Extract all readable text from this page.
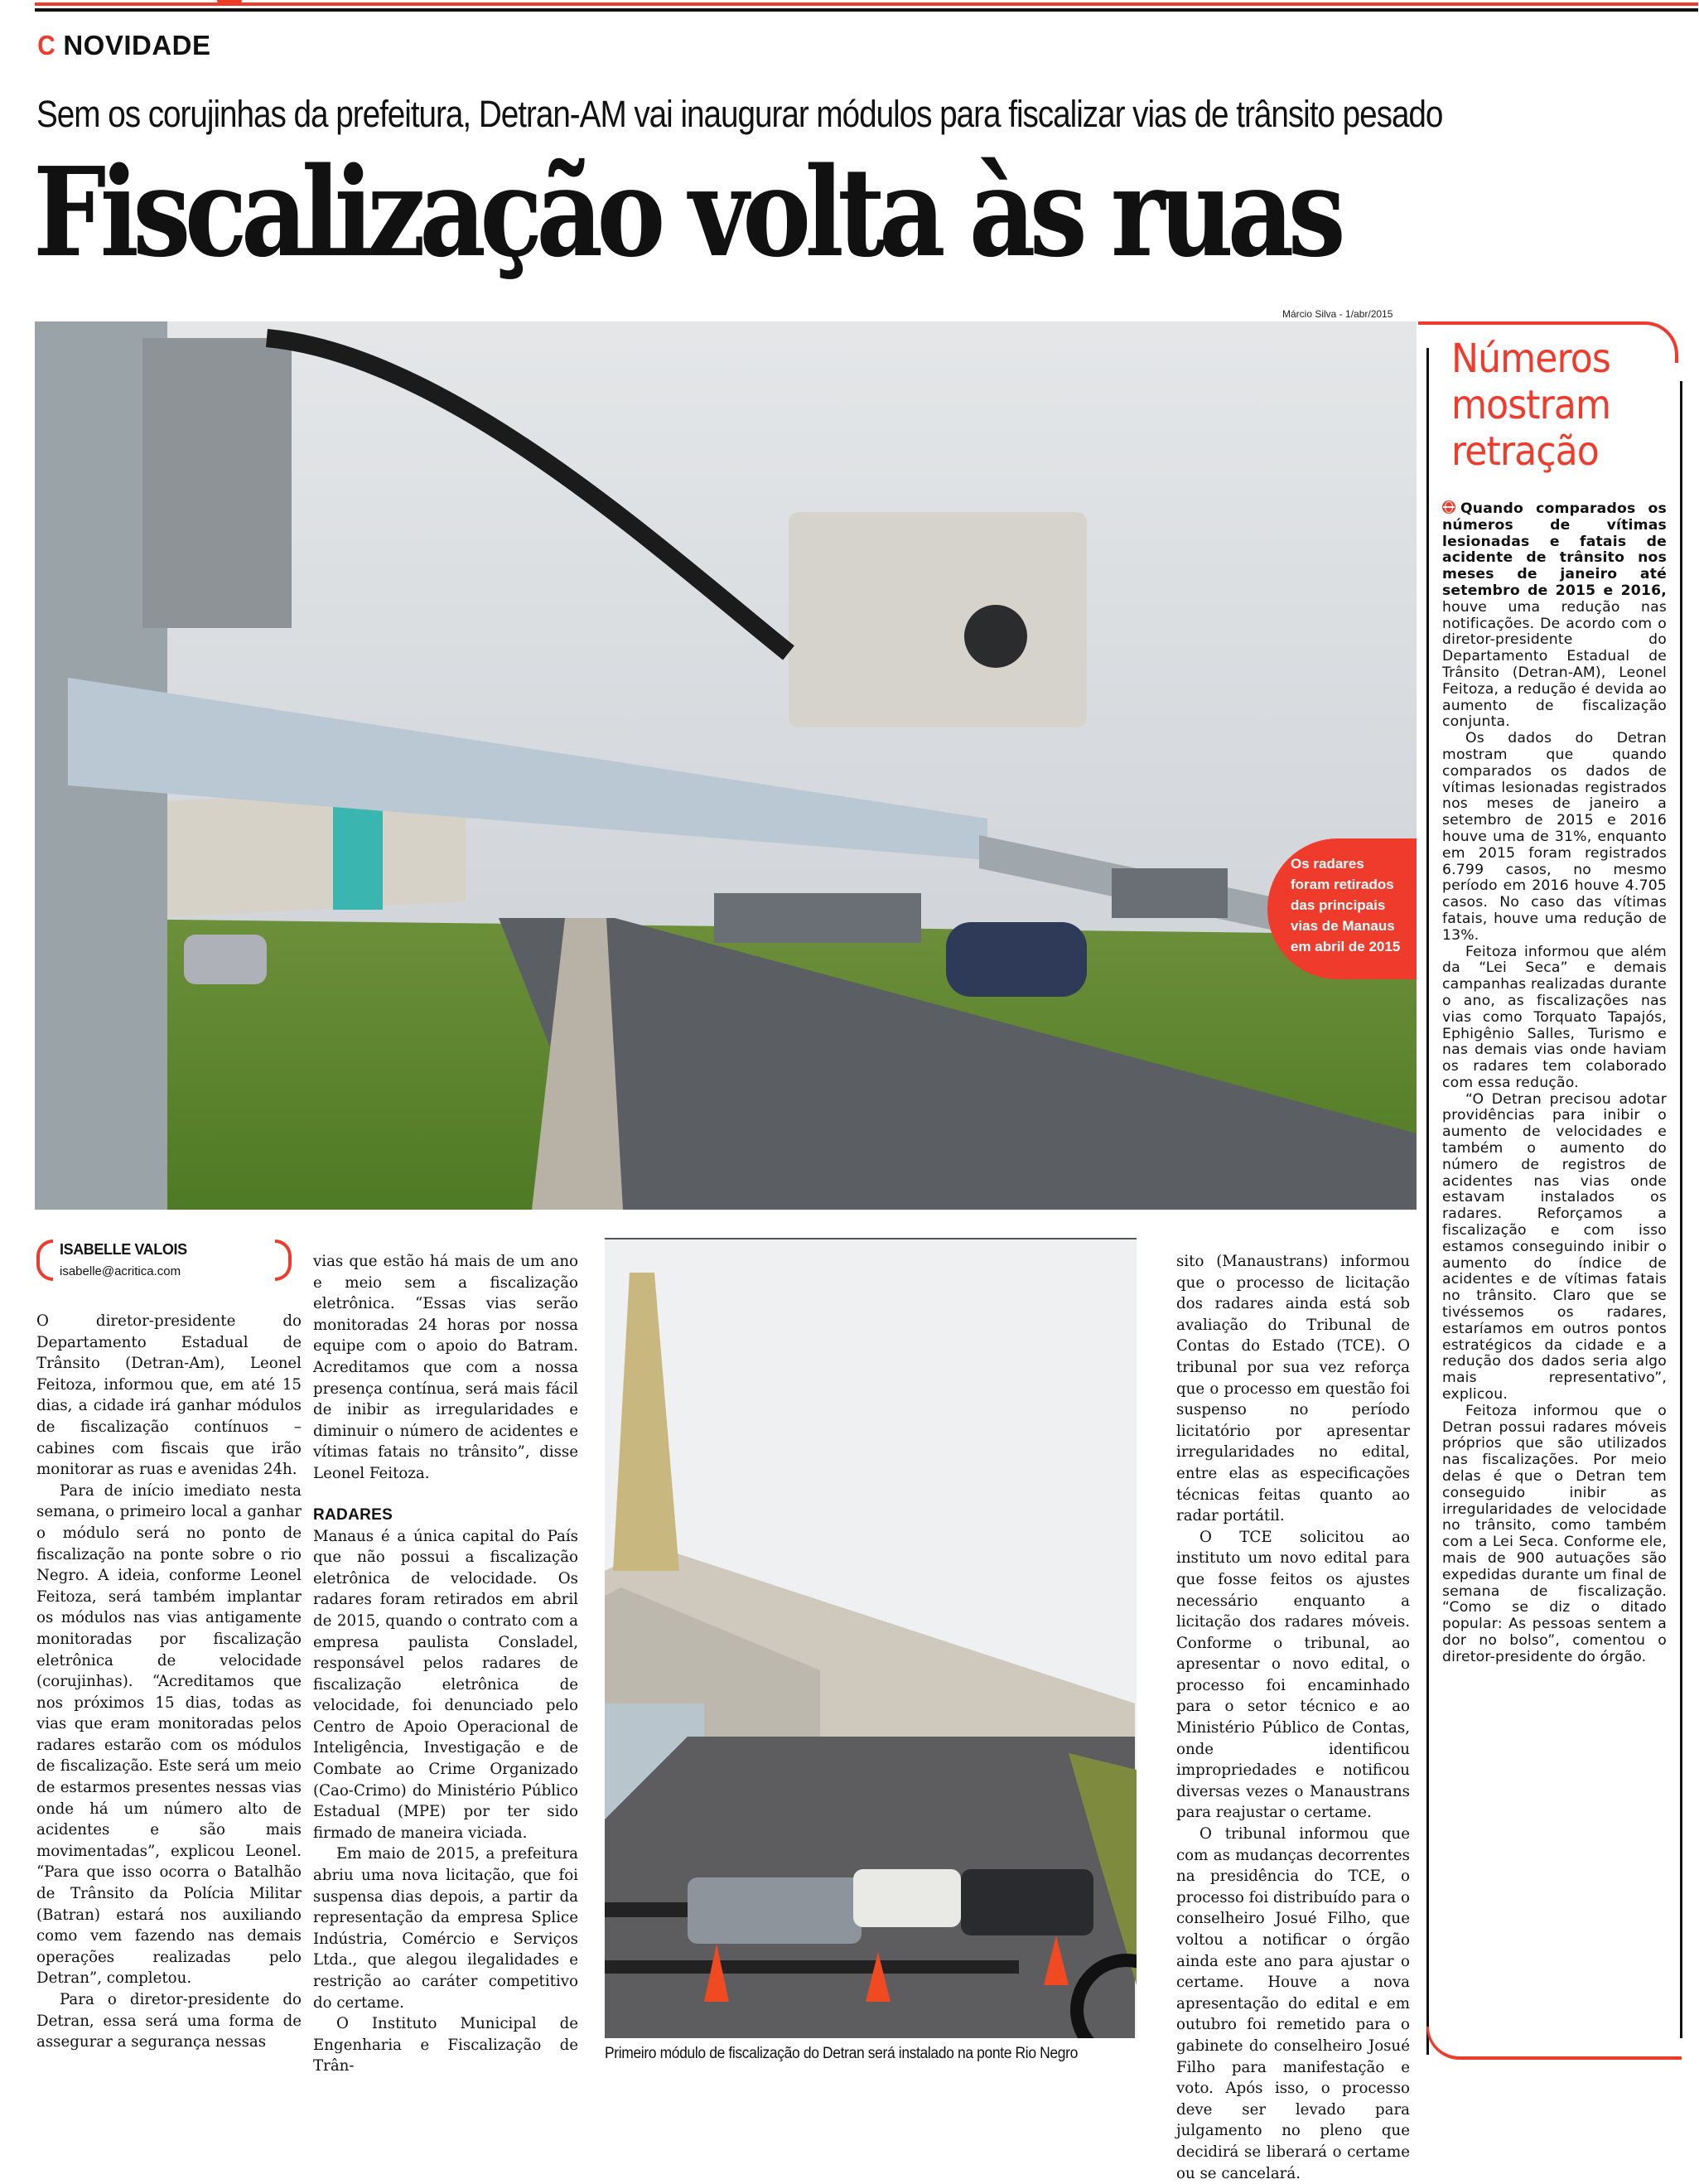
C NOVIDADE
Sem os corujinhas da prefeitura, Detran-AM vai inaugurar módulos para fiscalizar vias de trânsito pesado
Fiscalização volta às ruas
Márcio Silva - 1/abr/2015
Os radares
foram retirados
das principais
vias de Manaus
em abril de 2015
Números
mostram
retração

Quando comparados os números de vítimas lesionadas e fatais de acidente de trânsito nos meses de janeiro até setembro de 2015 e 2016, houve uma redução nas notificações. De acordo com o diretor-presidente do Departamento Estadual de Trânsito (Detran-AM), Leonel Feitoza, a redução é devida ao aumento de fiscalização conjunta.

Os dados do Detran mostram que quando comparados os dados de vítimas lesionadas registrados nos meses de janeiro a setembro de 2015 e 2016 houve uma de 31%, enquanto em 2015 foram registrados 6.799 casos, no mesmo período em 2016 houve 4.705 casos. No caso das vítimas fatais, houve uma redução de 13%.

Feitoza informou que além da “Lei Seca” e demais campanhas realizadas durante o ano, as fiscalizações nas vias como Torquato Tapajós, Ephigênio Salles, Turismo e nas demais vias onde haviam os radares tem colaborado com essa redução.

“O Detran precisou adotar providências para inibir o aumento de velocidades e também o aumento do número de registros de acidentes nas vias onde estavam instalados os radares. Reforçamos a fiscalização e com isso estamos conseguindo inibir o aumento do índice de acidentes e de vítimas fatais no trânsito. Claro que se tivéssemos os radares, estaríamos em outros pontos estratégicos da cidade e a redução dos dados seria algo mais representativo”, explicou.

Feitoza informou que o Detran possui radares móveis próprios que são utilizados nas fiscalizações. Por meio delas é que o Detran tem conseguido inibir as irregularidades de velocidade no trânsito, como também com a Lei Seca. Conforme ele, mais de 900 autuações são expedidas durante um final de semana de fiscalização. “Como se diz o ditado popular: As pessoas sentem a dor no bolso”, comentou o diretor-presidente do órgão.

ISABELLE VALOIS
isabelle@acritica.com

O diretor-presidente do Departamento Estadual de Trânsito (Detran-Am), Leonel Feitoza, informou que, em até 15 dias, a cidade irá ganhar módulos de fiscalização contínuos – cabines com fiscais que irão monitorar as ruas e avenidas 24h.

Para de início imediato nesta semana, o primeiro local a ganhar o módulo será no ponto de fiscalização na ponte sobre o rio Negro. A ideia, conforme Leonel Feitoza, será também implantar os módulos nas vias antigamente monitoradas por fiscalização eletrônica de velocidade (corujinhas). “Acreditamos que nos próximos 15 dias, todas as vias que eram monitoradas pelos radares estarão com os módulos de fiscalização. Este será um meio de estarmos presentes nessas vias onde há um número alto de acidentes e são mais movimentadas”, explicou Leonel. “Para que isso ocorra o Batalhão de Trânsito da Polícia Militar (Batran) estará nos auxiliando como vem fazendo nas demais operações realizadas pelo Detran”, completou.

Para o diretor-presidente do Detran, essa será uma forma de assegurar a segurança nessas

vias que estão há mais de um ano e meio sem a fiscalização eletrônica. “Essas vias serão monitoradas 24 horas por nossa equipe com o apoio do Batram. Acreditamos que com a nossa presença contínua, será mais fácil de inibir as irregularidades e diminuir o número de acidentes e vítimas fatais no trânsito”, disse Leonel Feitoza.

RADARES

Manaus é a única capital do País que não possui a fiscalização eletrônica de velocidade. Os radares foram retirados em abril de 2015, quando o contrato com a empresa paulista Consladel, responsável pelos radares de fiscalização eletrônica de velocidade, foi denunciado pelo Centro de Apoio Operacional de Inteligência, Investigação e de Combate ao Crime Organizado (Cao-Crimo) do Ministério Público Estadual (MPE) por ter sido firmado de maneira viciada.

Em maio de 2015, a prefeitura abriu uma nova licitação, que foi suspensa dias depois, a partir da representação da empresa Splice Indústria, Comércio e Serviços Ltda., que alegou ilegalidades e restrição ao caráter competitivo do certame.

O Instituto Municipal de Engenharia e Fiscalização de Trân-

Primeiro módulo de fiscalização do Detran será instalado na ponte Rio Negro

sito (Manaustrans) informou que o processo de licitação dos radares ainda está sob avaliação do Tribunal de Contas do Estado (TCE). O tribunal por sua vez reforça que o processo em questão foi suspenso no período licitatório por apresentar irregularidades no edital, entre elas as especificações técnicas feitas quanto ao radar portátil.

O TCE solicitou ao instituto um novo edital para que fosse feitos os ajustes necessário enquanto a licitação dos radares móveis. Conforme o tribunal, ao apresentar o novo edital, o processo foi encaminhado para o setor técnico e ao Ministério Público de Contas, onde identificou impropriedades e notificou diversas vezes o Manaustrans para reajustar o certame.

O tribunal informou que com as mudanças decorrentes na presidência do TCE, o processo foi distribuído para o conselheiro Josué Filho, que voltou a notificar o órgão ainda este ano para ajustar o certame. Houve a nova apresentação do edital e em outubro foi remetido para o gabinete do conselheiro Josué Filho para manifestação e voto. Após isso, o processo deve ser levado para julgamento no pleno que decidirá se liberará o certame ou se cancelará.
